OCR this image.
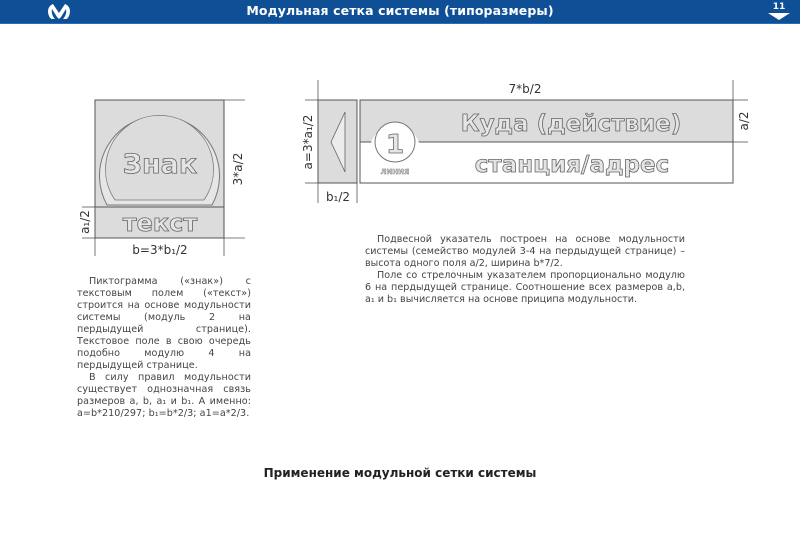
Модульная сетка системы (типоразмеры)	11
Знак
текст
3*a/2
a₁/2
b=3*b₁/2
7*b/2
1
ЛИНИЯ
Куда (действие)
станция/адрес
a=3*a₁/2
b₁/2
a/2

Пиктограмма («знак») с текстовым полем («текст») строится на основе модульности системы (модуль 2 на пердыдущей странице). Текстовое поле в свою очередь подобно модулю 4 на пердыдущей странице.

В силу правил модульности существует однозначная связь размеров a, b, a₁ и b₁. А именно: a=b*210/297; b₁=b*2/3; a1=a*2/3.

Подвесной указатель построен на основе модульности системы (семейство модулей 3-4 на пердыдущей странице) – высота одного поля a/2, ширина b*7/2.

Поле со стрелочным указателем пропорционально модулю 6 на пердыдущей странице. Соотношение всех размеров a,b, a₁ и b₁ вычисляется на основе приципа модульности.

Применение модульной сетки системы
